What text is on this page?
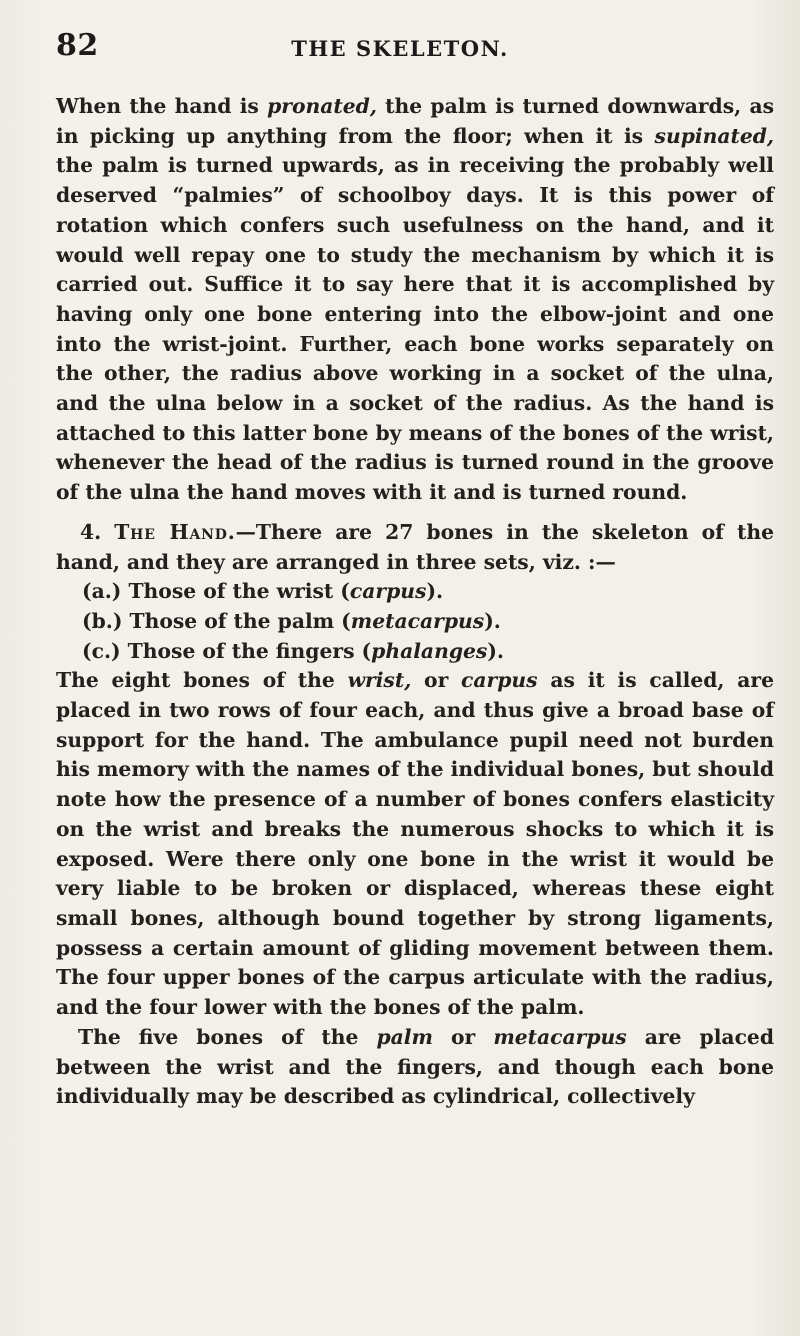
82	THE SKELETON.

When the hand is pronated, the palm is turned downwards, as in picking up anything from the floor; when it is supinated, the palm is turned upwards, as in receiving the probably well deserved “palmies” of schoolboy days. It is this power of rotation which confers such usefulness on the hand, and it would well repay one to study the mechanism by which it is carried out. Suffice it to say here that it is accomplished by having only one bone entering into the elbow-joint and one into the wrist-joint. Further, each bone works separately on the other, the radius above working in a socket of the ulna, and the ulna below in a socket of the radius. As the hand is attached to this latter bone by means of the bones of the wrist, whenever the head of the radius is turned round in the groove of the ulna the hand moves with it and is turned round.

4. The Hand.—There are 27 bones in the skeleton of the hand, and they are arranged in three sets, viz. :—

(a.) Those of the wrist (carpus).
(b.) Those of the palm (metacarpus).
(c.) Those of the fingers (phalanges).

The eight bones of the wrist, or carpus as it is called, are placed in two rows of four each, and thus give a broad base of support for the hand. The ambulance pupil need not burden his memory with the names of the individual bones, but should note how the presence of a number of bones confers elasticity on the wrist and breaks the numerous shocks to which it is exposed. Were there only one bone in the wrist it would be very liable to be broken or displaced, whereas these eight small bones, although bound together by strong ligaments, possess a certain amount of gliding movement between them. The four upper bones of the carpus articulate with the radius, and the four lower with the bones of the palm.

The five bones of the palm or metacarpus are placed between the wrist and the fingers, and though each bone individually may be described as cylindrical, collectively
